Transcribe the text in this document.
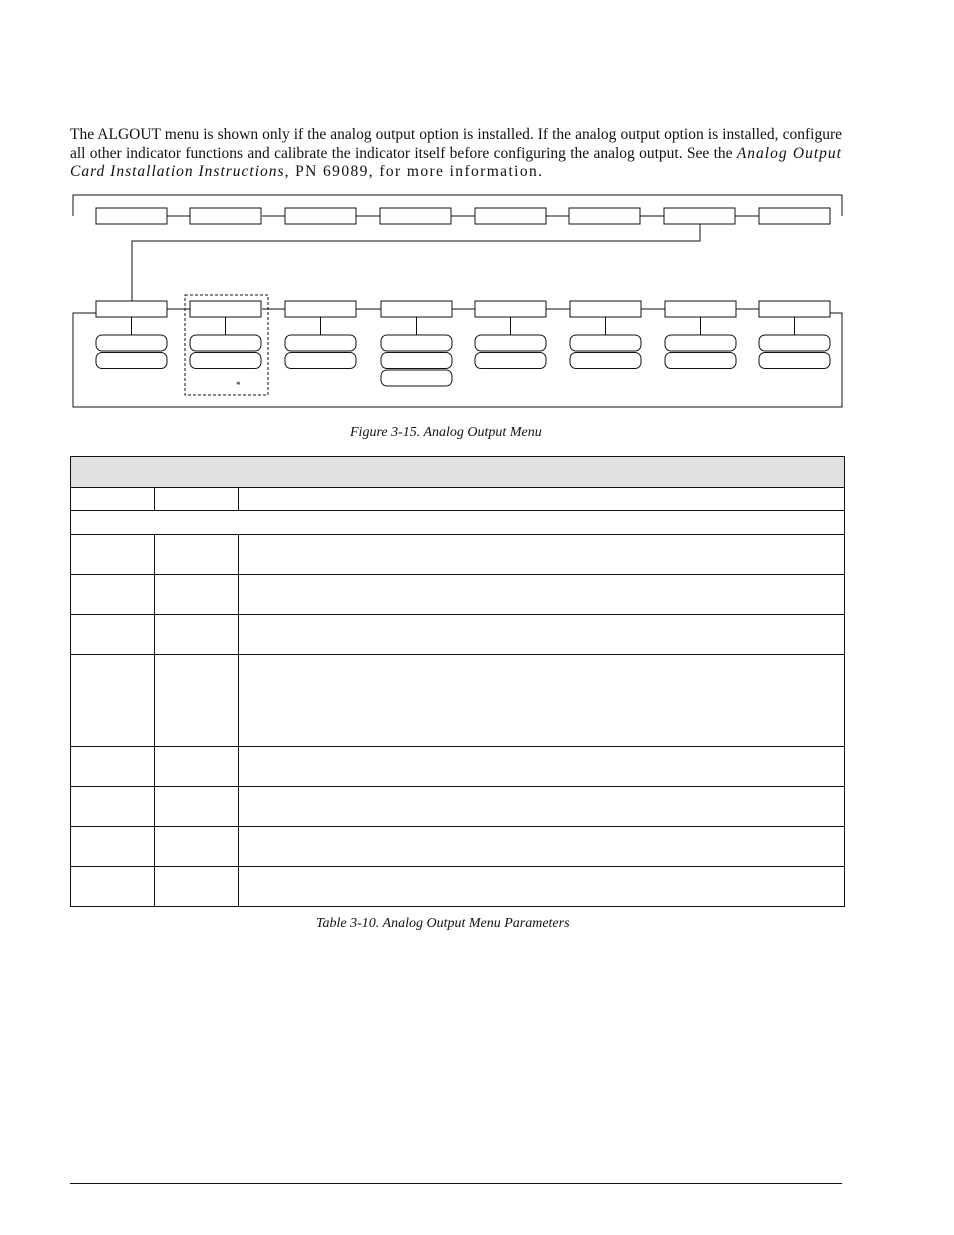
The ALGOUT menu is shown only if the analog output option is installed. If the analog output option is installed, configure all other indicator functions and calibrate the indicator itself before configuring the analog output. See the Analog Output Card Installation Instructions, PN 69089, for more information.

*

Figure 3-15. Analog Output Menu

Table 3-10. Analog Output Menu Parameters
